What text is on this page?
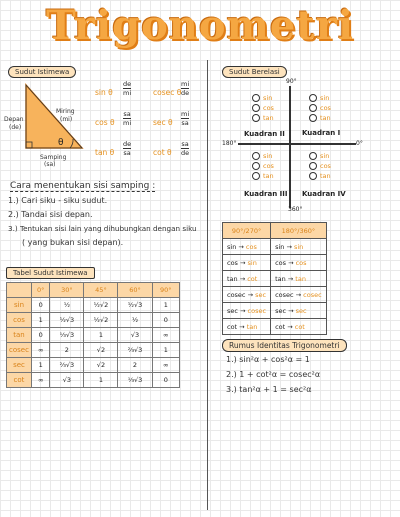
Trigonometri
Sudut Istimewa
Depan
(de)
Miring
(mi)
Samping
(sa)
θ
sin θ $\frac{de}{mi}$	cosec θ $\frac{mi}{de}$
cos θ $\frac{sa}{mi}$	sec θ $\frac{mi}{sa}$
tan θ $\frac{de}{sa}$	cot θ $\frac{sa}{de}$
Cara menentukan sisi samping :
1.) Cari siku - siku sudut.
2.) Tandai sisi depan.
3.) Tentukan sisi lain yang dihubungkan dengan siku
( yang bukan sisi depan).
Tabel Sudut Istimewa
	0°	30°	45°	60°	90°
sin	0	½	½√2	½√3	1
cos	1	½√3	½√2	½	0
tan	0	⅓√3	1	√3	∞
cosec	∞	2	√2	⅔√3	1
sec	1	⅔√3	√2	2	∞
cot	∞	√3	1	⅓√3	0
Sudut Berelasi
90°
180°	0°
360°
sin
cos
tan
sin
cos
tan
Kuadran II Kuadran I
sin
cos
tan
sin
cos
tan
Kuadran III Kuadran IV
90°/270°	180°/360°
sin → cos	sin → sin
cos → sin	cos → cos
tan → cot	tan → tan
cosec → sec	cosec → cosec
sec → cosec	sec → sec
cot → tan	cot → cot
Rumus Identitas Trigonometri
1.) sin²α + cos²α = 1
2.) 1 + cot²α = cosec²α
3.) tan²α + 1 = sec²α
